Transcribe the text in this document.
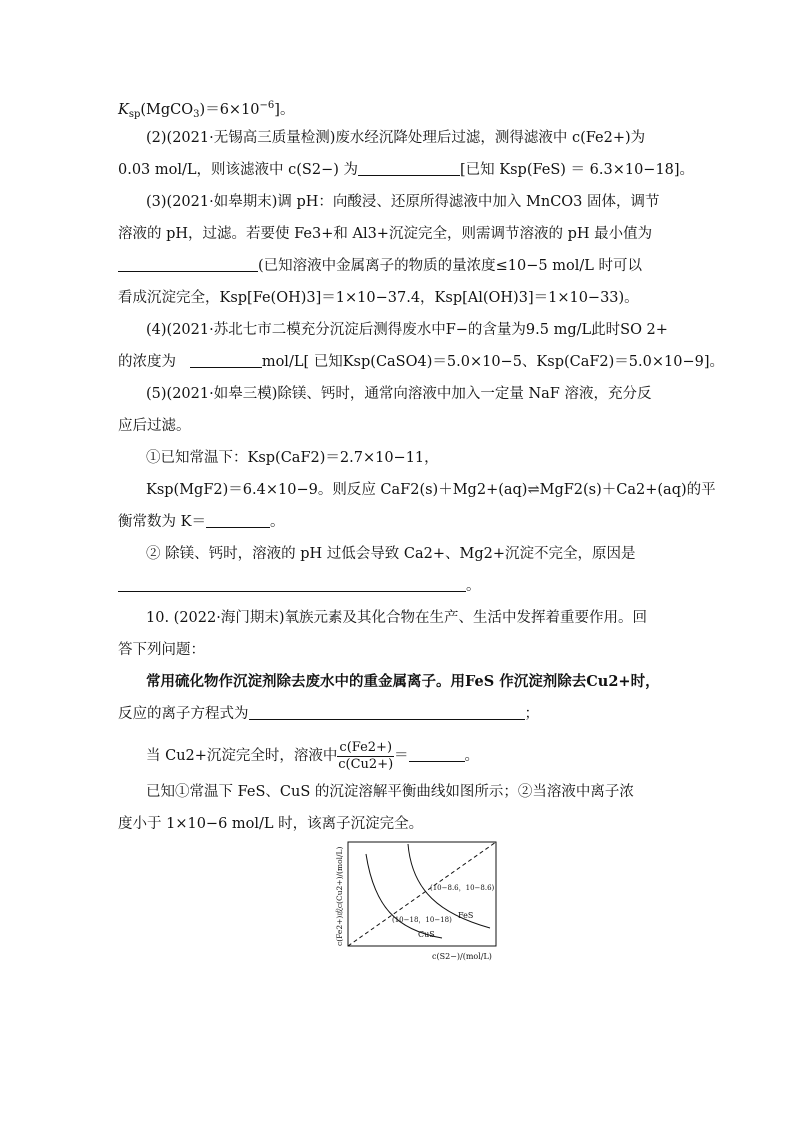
$K_{sp}(MgCO_3)=6\times 10^{-6}$]。
(2)(2021·无锡高三质量检测)废水经沉降处理后过滤，测得滤液中 c(Fe2+)为
0.03 mol/L，则该滤液中 c(S2−) 为	[已知 Ksp(FeS) ＝ 6.3×10−18]。
(3)(2021·如皋期末)调 pH：向酸浸、还原所得滤液中加入 MnCO3 固体，调节
溶液的 pH，过滤。若要使 Fe3+和 Al3+沉淀完全，则需调节溶液的 pH 最小值为
(已知溶液中金属离子的物质的量浓度≤10−5 mol/L 时可以
看成沉淀完全，Ksp[Fe(OH)3]＝1×10−37.4，Ksp[Al(OH)3]＝1×10−33)。
(4)(2021·苏北七市二模充分沉淀后测得废水中F−的含量为9.5 mg/L此时SO 2+
的浓度为	mol/L[ 已知Ksp(CaSO4)＝5.0×10−5、Ksp(CaF2)＝5.0×10−9]。
(5)(2021·如皋三模)除镁、钙时，通常向溶液中加入一定量 NaF 溶液，充分反
应后过滤。
①已知常温下：Ksp(CaF2)＝2.7×10−11，
Ksp(MgF2)＝6.4×10−9。则反应 CaF2(s)＋Mg2+(aq)⇌MgF2(s)＋Ca2+(aq)的平
衡常数为 K＝	。
② 除镁、钙时，溶液的 pH 过低会导致 Ca2+、Mg2+沉淀不完全，原因是
。
10. (2022·海门期末)氧族元素及其化合物在生产、生活中发挥着重要作用。回
答下列问题：
常用硫化物作沉淀剂除去废水中的重金属离子。用FeS 作沉淀剂除去Cu2+时，
反应的离子方程式为	；
当 Cu2+沉淀完全时，溶液中 $\frac{c(Fe2+)}{c(Cu2+)}$ ＝	。
已知①常温下 FeS、CuS 的沉淀溶解平衡曲线如图所示；②当溶液中离子浓
度小于 1×10−6 mol/L 时，该离子沉淀完全。
c(Fe2+)或c(Cu2+)/(mol/L)
c(S2−)/(mol/L)
(10−8.6，10−8.6)
(10−18，10−18) FeS
CuS
